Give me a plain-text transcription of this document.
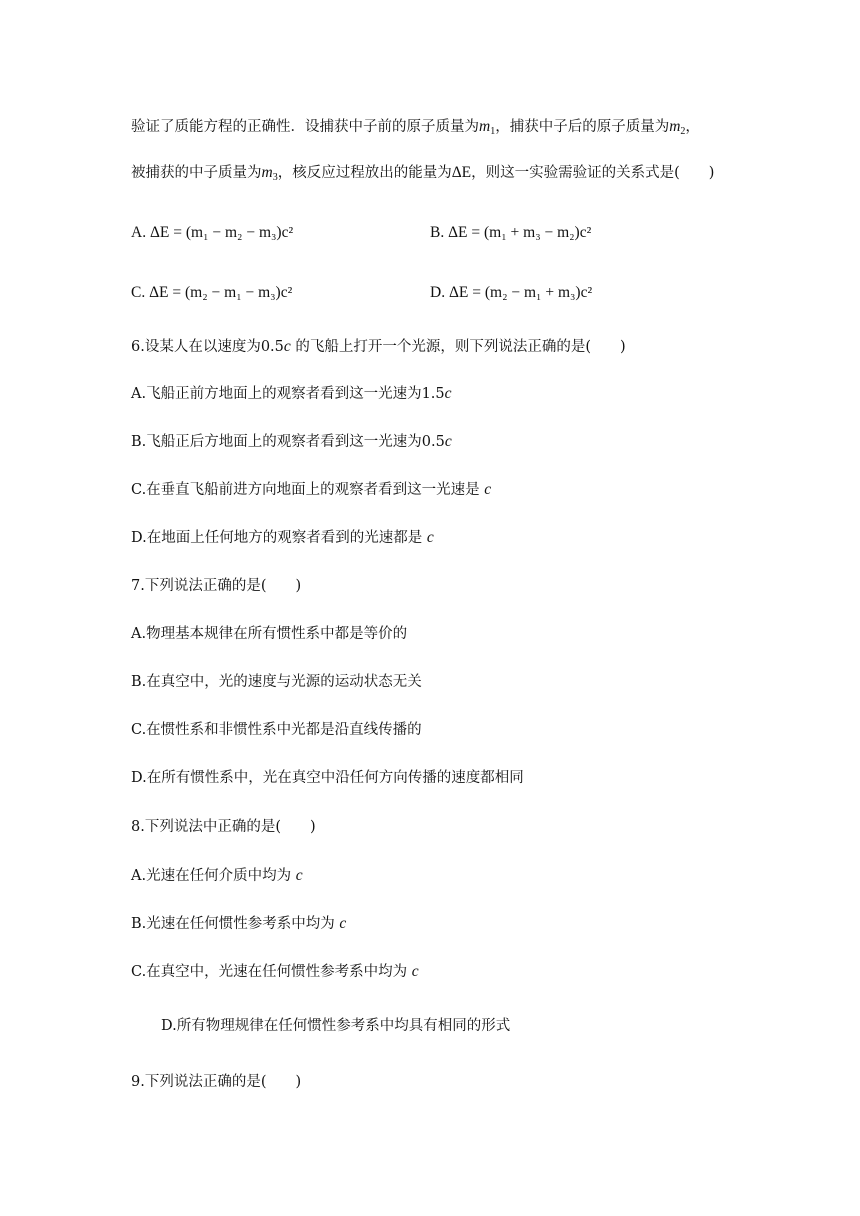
验证了质能方程的正确性．设捕获中子前的原子质量为$m_1$，捕获中子后的原子质量为$m_2$，
被捕获的中子质量为$m_3$，核反应过程放出的能量为ΔE，则这一实验需验证的关系式是(　　)
A. ΔE = (m₁ − m₂ − m₃)c²	B. ΔE = (m₁ + m₃ − m₂)c²
C. ΔE = (m₂ − m₁ − m₃)c²	D. ΔE = (m₂ − m₁ + m₃)c²
6.设某人在以速度为0.5c 的飞船上打开一个光源，则下列说法正确的是(　　)
A.飞船正前方地面上的观察者看到这一光速为1.5c
B.飞船正后方地面上的观察者看到这一光速为0.5c
C.在垂直飞船前进方向地面上的观察者看到这一光速是 c
D.在地面上任何地方的观察者看到的光速都是 c
7.下列说法正确的是(　　)
A.物理基本规律在所有惯性系中都是等价的
B.在真空中，光的速度与光源的运动状态无关
C.在惯性系和非惯性系中光都是沿直线传播的
D.在所有惯性系中，光在真空中沿任何方向传播的速度都相同
8.下列说法中正确的是(　　)
A.光速在任何介质中均为 c
B.光速在任何惯性参考系中均为 c
C.在真空中，光速在任何惯性参考系中均为 c
D.所有物理规律在任何惯性参考系中均具有相同的形式
9.下列说法正确的是(　　)
